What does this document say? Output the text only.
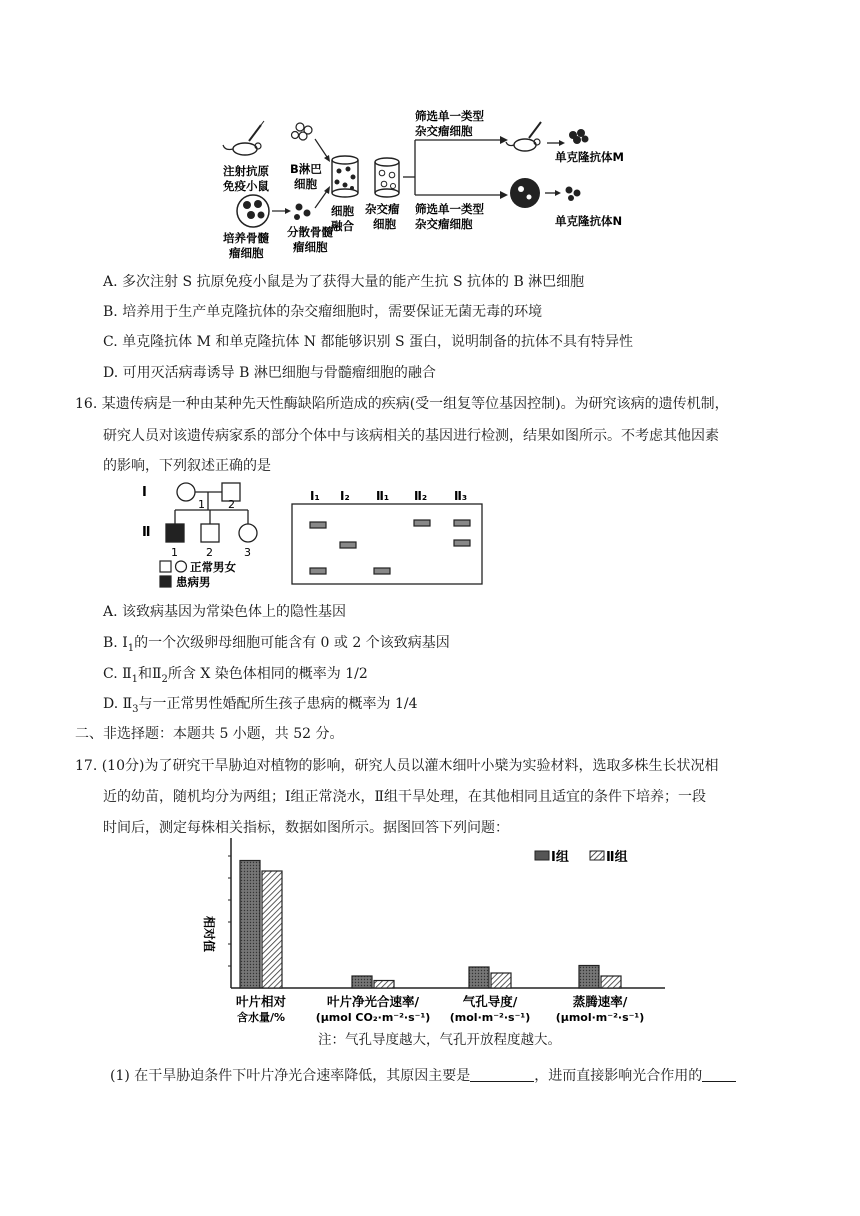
注射抗原
免疫小鼠
B淋巴
细胞
培养骨髓
瘤细胞
分散骨髓
瘤细胞
细胞
融合
杂交瘤
细胞
筛选单一类型
杂交瘤细胞
筛选单一类型
杂交瘤细胞
单克隆抗体M
单克隆抗体N
A. 多次注射 S 抗原免疫小鼠是为了获得大量的能产生抗 S 抗体的 B 淋巴细胞
B. 培养用于生产单克隆抗体的杂交瘤细胞时，需要保证无菌无毒的环境
C. 单克隆抗体 M 和单克隆抗体 N 都能够识别 S 蛋白，说明制备的抗体不具有特异性
D. 可用灭活病毒诱导 B 淋巴细胞与骨髓瘤细胞的融合
16. 某遗传病是一种由某种先天性酶缺陷所造成的疾病(受一组复等位基因控制)。为研究该病的遗传机制，
研究人员对该遗传病家系的部分个体中与该病相关的基因进行检测，结果如图所示。不考虑其他因素
的影响，下列叙述正确的是
Ⅰ
Ⅱ
1 2
1	2	3
正常男女
患病男
Ⅰ₁ Ⅰ₂ Ⅱ₁ Ⅱ₂ Ⅱ₃
A. 该致病基因为常染色体上的隐性基因
B. $Ⅰ_1$的一个次级卵母细胞可能含有 0 或 2 个该致病基因
C. $Ⅱ_1$和$Ⅱ_2$所含 X 染色体相同的概率为 1/2
D. $Ⅱ_3$与一正常男性婚配所生孩子患病的概率为 1/4
二、非选择题：本题共 5 小题，共 52 分。
17. (10分)为了研究干旱胁迫对植物的影响，研究人员以灌木细叶小檗为实验材料，选取多株生长状况相
近的幼苗，随机均分为两组；Ⅰ组正常浇水，Ⅱ组干旱处理，在其他相同且适宜的条件下培养；一段
时间后，测定每株相关指标，数据如图所示。据图回答下列问题：
相对值
叶片相对
含水量/%
叶片净光合速率/
(μmol CO₂·m⁻²·s⁻¹)
气孔导度/
(mol·m⁻²·s⁻¹)
蒸腾速率/
(μmol·m⁻²·s⁻¹)
Ⅰ组	Ⅱ组
注：气孔导度越大，气孔开放程度越大。
(1) 在干旱胁迫条件下叶片净光合速率降低，其原因主要是	，进而直接影响光合作用的
